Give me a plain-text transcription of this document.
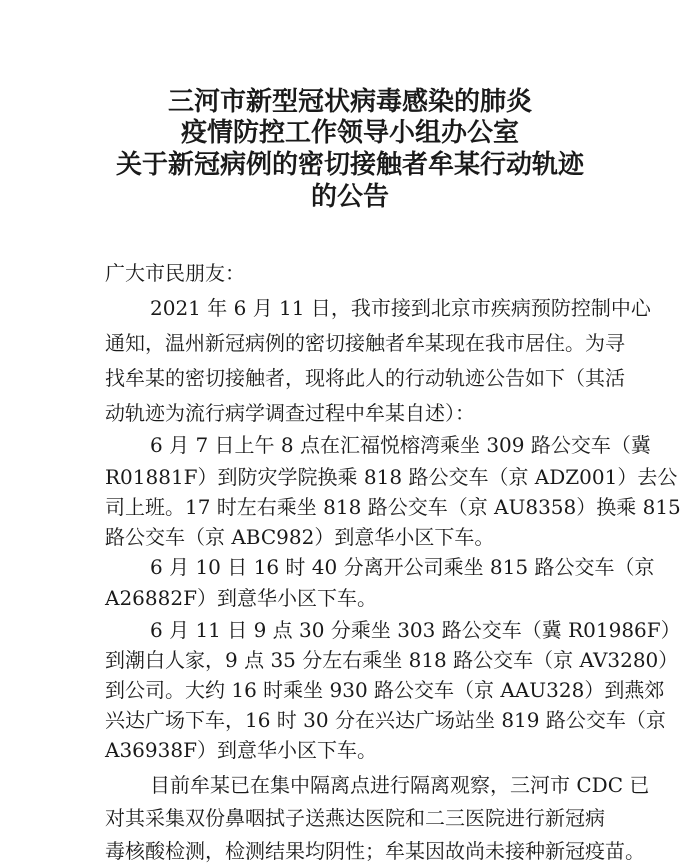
三河市新型冠状病毒感染的肺炎
疫情防控工作领导小组办公室
关于新冠病例的密切接触者牟某行动轨迹
的公告
广大市民朋友：
2021 年 6 月 11 日，我市接到北京市疾病预防控制中心
通知，温州新冠病例的密切接触者牟某现在我市居住。为寻
找牟某的密切接触者，现将此人的行动轨迹公告如下（其活
动轨迹为流行病学调查过程中牟某自述）：
6 月 7 日上午 8 点在汇福悦榕湾乘坐 309 路公交车（冀
R01881F）到防灾学院换乘 818 路公交车（京 ADZ001）去公
司上班。17 时左右乘坐 818 路公交车（京 AU8358）换乘 815
路公交车（京 ABC982）到意华小区下车。
6 月 10 日 16 时 40 分离开公司乘坐 815 路公交车（京
A26882F）到意华小区下车。
6 月 11 日 9 点 30 分乘坐 303 路公交车（冀 R01986F）
到潮白人家，9 点 35 分左右乘坐 818 路公交车（京 AV3280）
到公司。大约 16 时乘坐 930 路公交车（京 AAU328）到燕郊
兴达广场下车，16 时 30 分在兴达广场站坐 819 路公交车（京
A36938F）到意华小区下车。
目前牟某已在集中隔离点进行隔离观察，三河市 CDC 已
对其采集双份鼻咽拭子送燕达医院和二三医院进行新冠病
毒核酸检测，检测结果均阴性；牟某因故尚未接种新冠疫苗。
